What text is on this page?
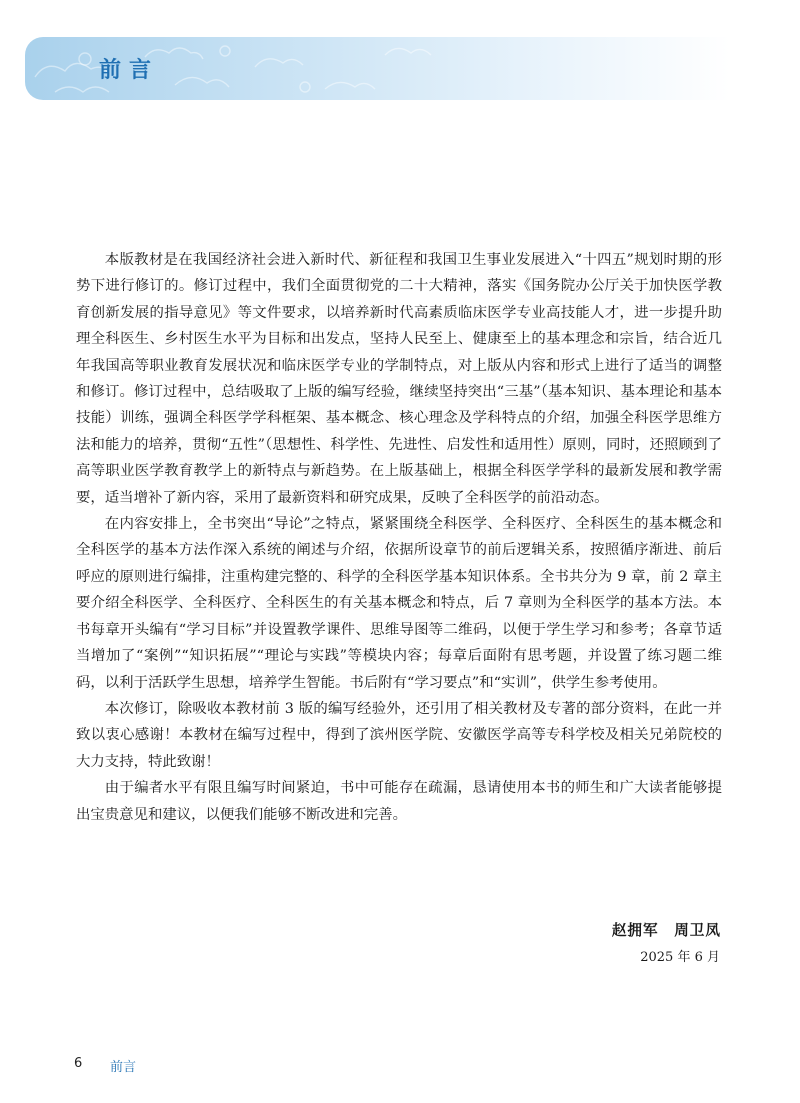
前言

本版教材是在我国经济社会进入新时代、新征程和我国卫生事业发展进入“十四五”规划时期的形势下进行修订的。修订过程中，我们全面贯彻党的二十大精神，落实《国务院办公厅关于加快医学教育创新发展的指导意见》等文件要求，以培养新时代高素质临床医学专业高技能人才，进一步提升助理全科医生、乡村医生水平为目标和出发点，坚持人民至上、健康至上的基本理念和宗旨，结合近几年我国高等职业教育发展状况和临床医学专业的学制特点，对上版从内容和形式上进行了适当的调整和修订。修订过程中，总结吸取了上版的编写经验，继续坚持突出“三基”（基本知识、基本理论和基本技能）训练，强调全科医学学科框架、基本概念、核心理念及学科特点的介绍，加强全科医学思维方法和能力的培养，贯彻“五性”（思想性、科学性、先进性、启发性和适用性）原则，同时，还照顾到了高等职业医学教育教学上的新特点与新趋势。在上版基础上，根据全科医学学科的最新发展和教学需要，适当增补了新内容，采用了最新资料和研究成果，反映了全科医学的前沿动态。

在内容安排上，全书突出“导论”之特点，紧紧围绕全科医学、全科医疗、全科医生的基本概念和全科医学的基本方法作深入系统的阐述与介绍，依据所设章节的前后逻辑关系，按照循序渐进、前后呼应的原则进行编排，注重构建完整的、科学的全科医学基本知识体系。全书共分为 9 章，前 2 章主要介绍全科医学、全科医疗、全科医生的有关基本概念和特点，后 7 章则为全科医学的基本方法。本书每章开头编有“学习目标”并设置教学课件、思维导图等二维码，以便于学生学习和参考；各章节适当增加了“案例”“知识拓展”“理论与实践”等模块内容；每章后面附有思考题，并设置了练习题二维码，以利于活跃学生思想，培养学生智能。书后附有“学习要点”和“实训”，供学生参考使用。

本次修订，除吸收本教材前 3 版的编写经验外，还引用了相关教材及专著的部分资料，在此一并致以衷心感谢！本教材在编写过程中，得到了滨州医学院、安徽医学高等专科学校及相关兄弟院校的大力支持，特此致谢！

由于编者水平有限且编写时间紧迫，书中可能存在疏漏，恳请使用本书的师生和广大读者能够提出宝贵意见和建议，以便我们能够不断改进和完善。

赵拥军　周卫凤
2025 年 6 月
6 前言
